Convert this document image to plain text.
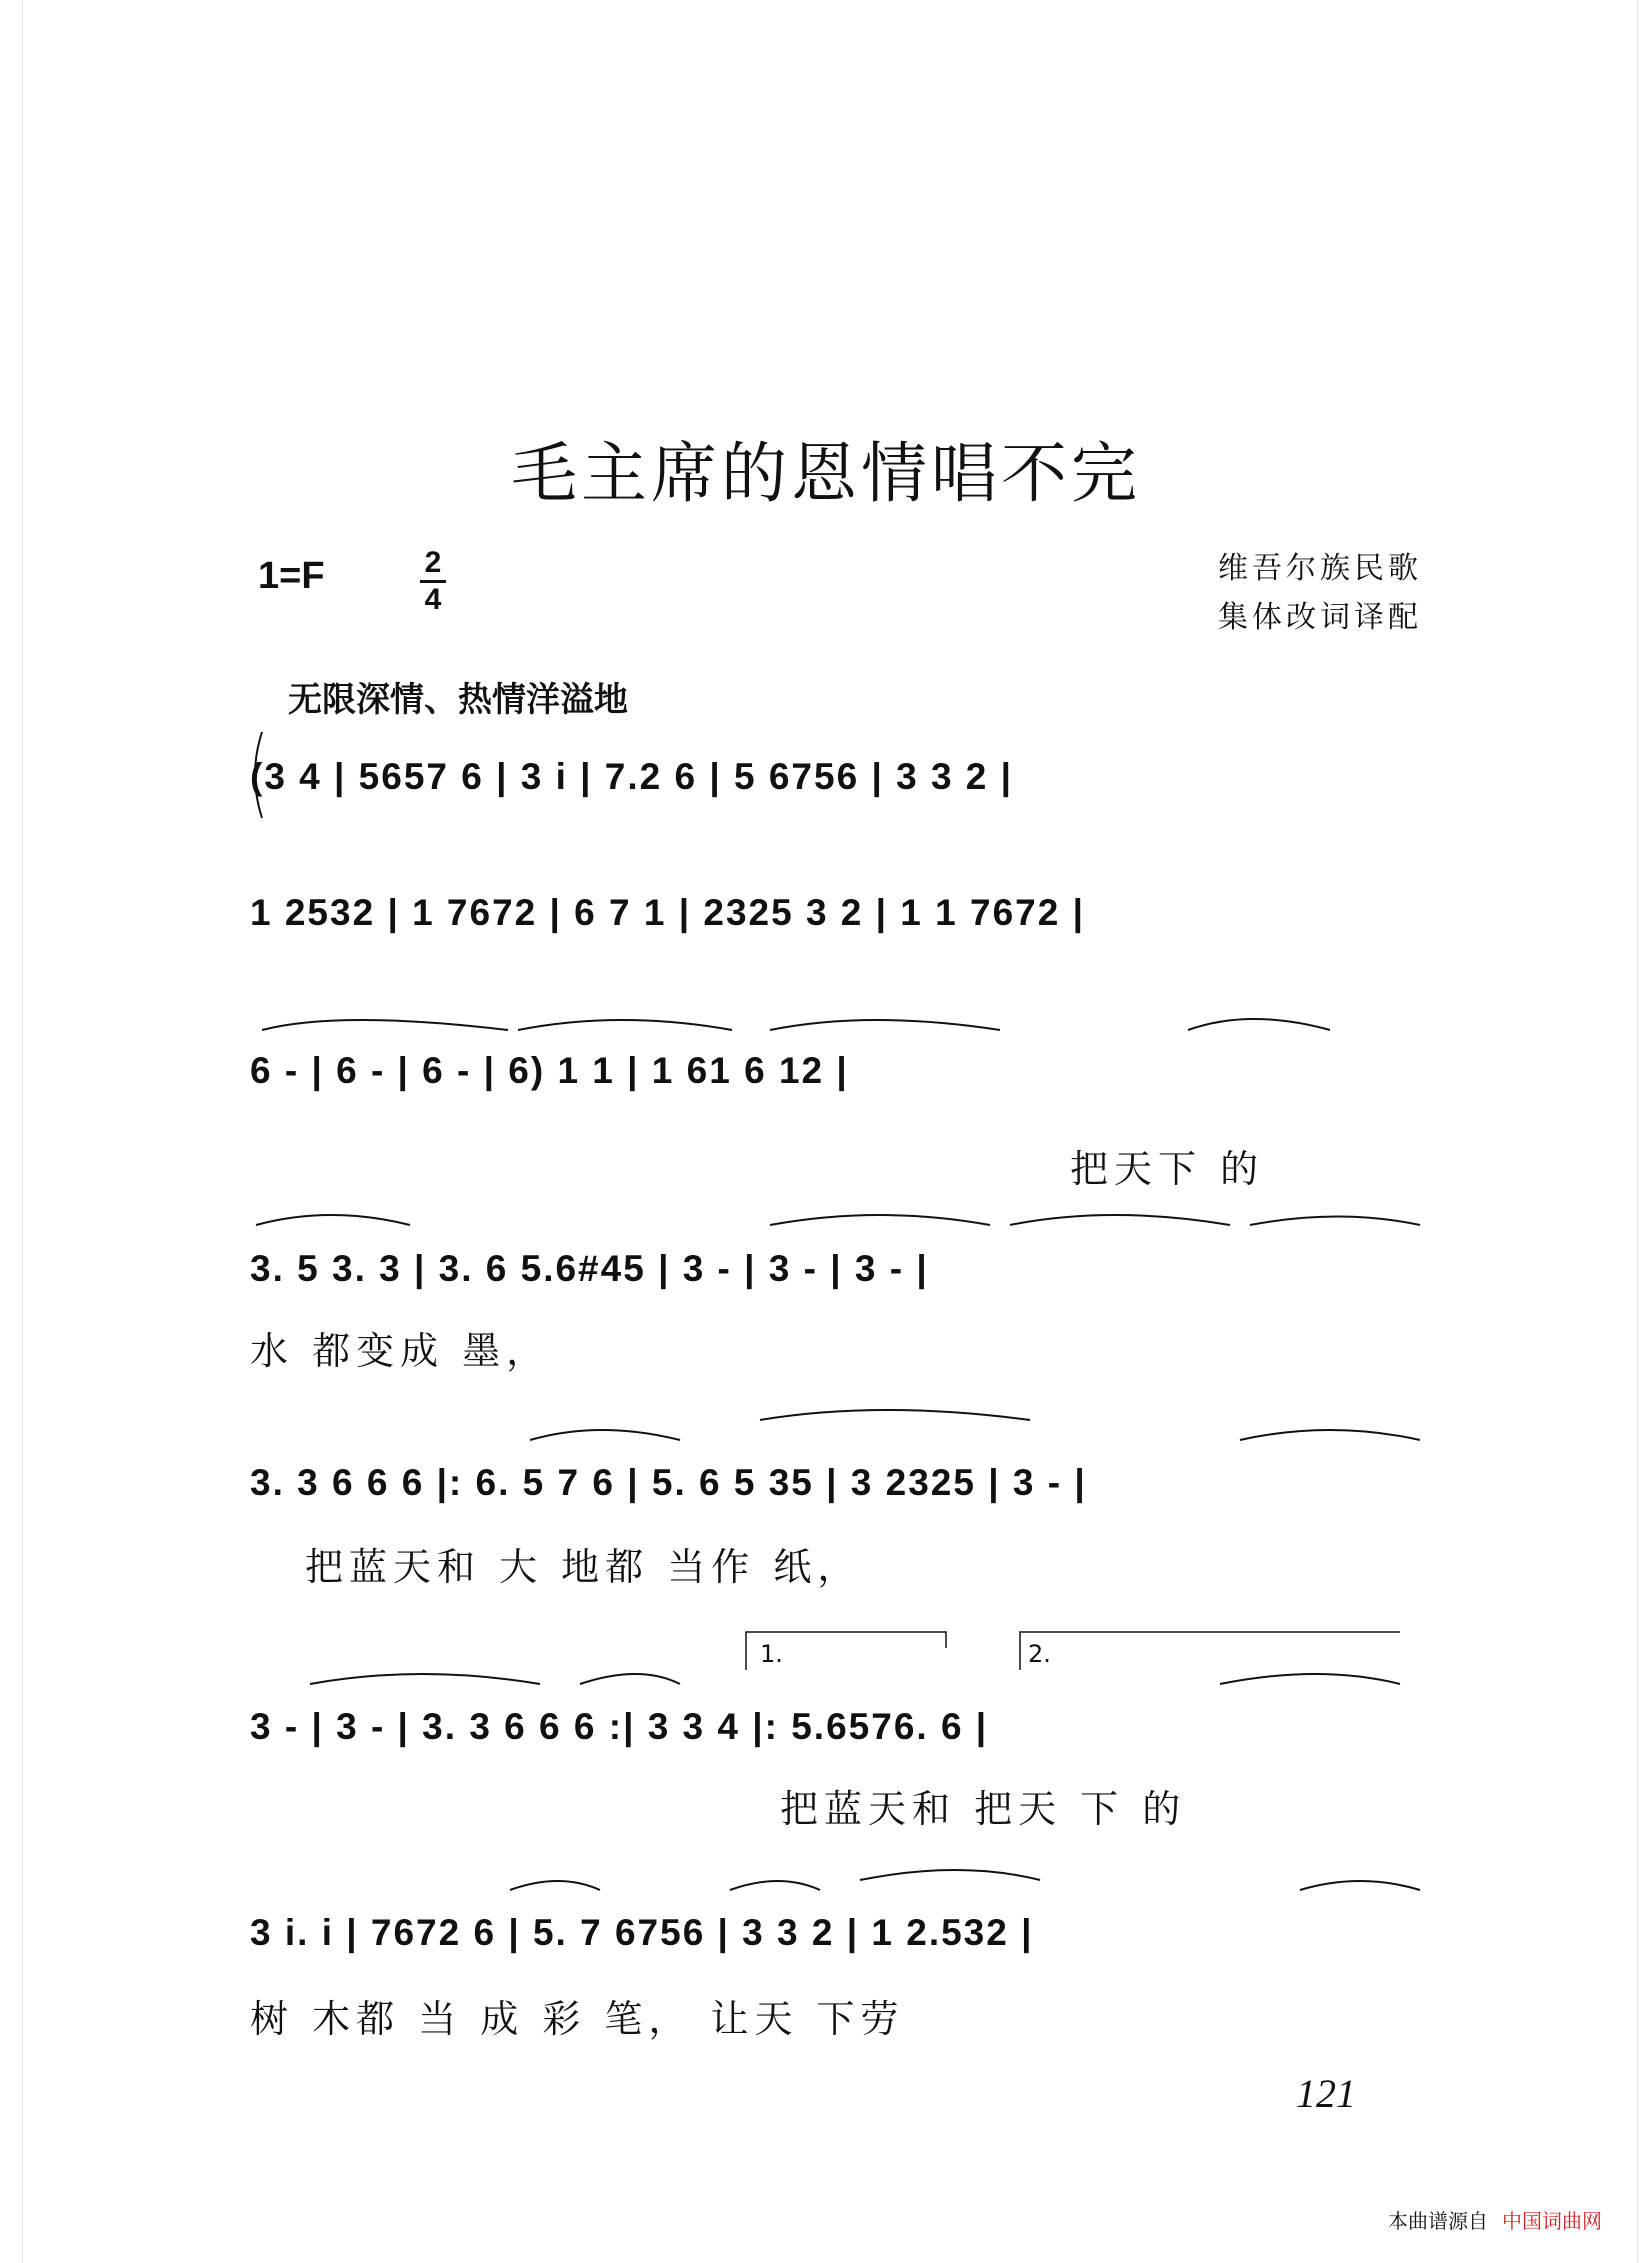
毛主席的恩情唱不完
1=F	2
4
维吾尔族民歌
集体改词译配
无限深情、热情洋溢地
(3 4 | 5657 6 | 3 i | 7.2 6 | 5 6756 | 3 3 2 |
1 2532 | 1 7672 | 6 7 1 | 2325 3 2 | 1 1 7672 |
6 - | 6 - | 6 - | 6) 1 1 | 1 61 6 12 |
把天下 的
3. 5 3. 3 | 3. 6 5.6#45 | 3 - | 3 - | 3 - |
水 都变成 墨，
3. 3 6 6 6 |: 6. 5 7 6 | 5. 6 5 35 | 3 2325 | 3 - |
把蓝天和 大 地都 当作 纸，
1.	2.
3 - | 3 - | 3. 3 6 6 6 :| 3 3 4 |: 5.6576. 6 |
把蓝天和 把天 下 的
3 i. i | 7672 6 | 5. 7 6756 | 3 3 2 | 1 2.532 |
树 木都 当 成 彩 笔， 让天 下劳
121
本曲谱源自 中国词曲网
